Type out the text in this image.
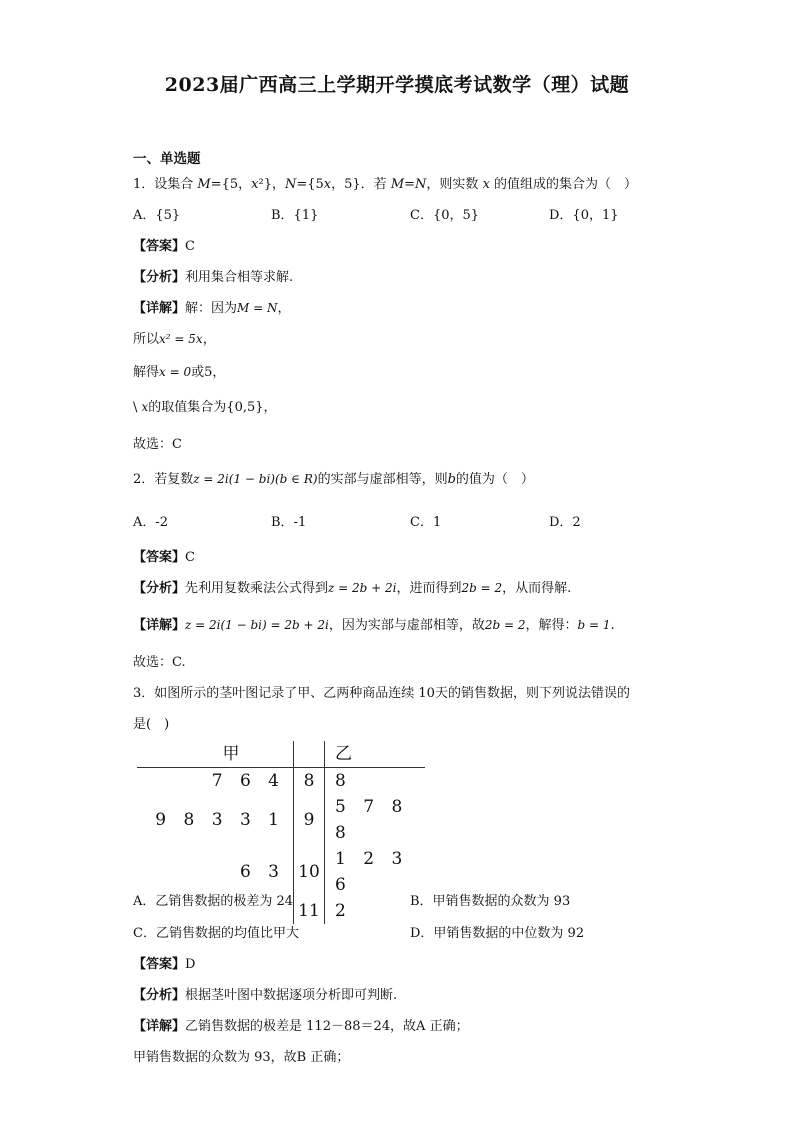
2023届广西高三上学期开学摸底考试数学（理）试题
一、单选题
1．设集合 M={5，x²}，N={5x，5}．若 M=N，则实数 x 的值组成的集合为（　）
A．{5}	B．{1}	C．{0，5}	D．{0，1}
【答案】C
【分析】利用集合相等求解.
【详解】解：因为M = N，
所以x² = 5x，
解得x = 0或5，
\ x的取值集合为{0,5}，
故选：C
2．若复数z = 2i(1 − bi)(b ∈ R)的实部与虚部相等，则b的值为（　）
A．-2	B．-1	C．1	D．2
【答案】C
【分析】先利用复数乘法公式得到z = 2b + 2i，进而得到2b = 2，从而得解.
【详解】z = 2i(1 − bi) = 2b + 2i，因为实部与虚部相等，故2b = 2，解得：b = 1.
故选：C.
3．如图所示的茎叶图记录了甲、乙两种商品连续 10天的销售数据，则下列说法错误的
是(　)
甲		乙
7 6 4	8	8
9 8 3 3 1	9	5 7 8 8
6 3	10	1 2 3 6
	11	2
A．乙销售数据的极差为 24	B．甲销售数据的众数为 93
C．乙销售数据的均值比甲大	D．甲销售数据的中位数为 92
【答案】D
【分析】根据茎叶图中数据逐项分析即可判断.
【详解】乙销售数据的极差是 112－88＝24，故A 正确；
甲销售数据的众数为 93，故B 正确；
